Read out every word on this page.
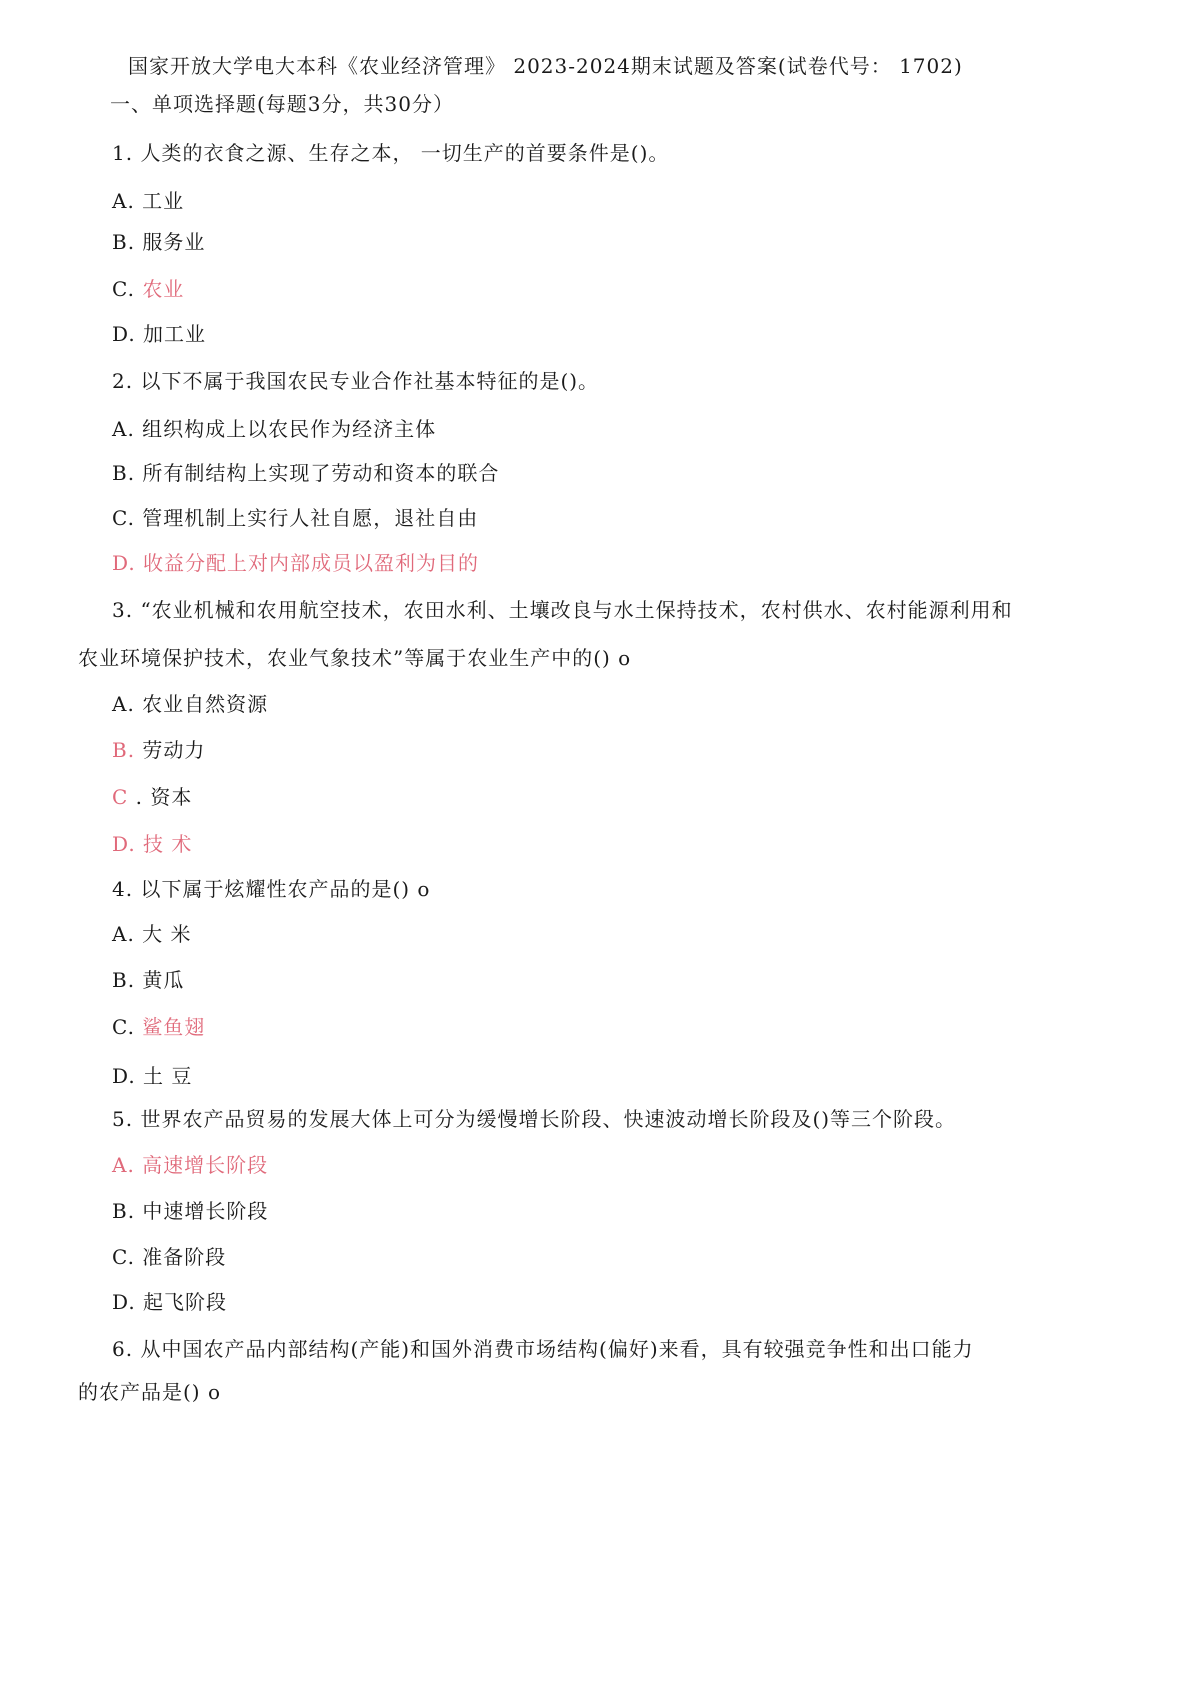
国家开放大学电大本科《农业经济管理》 2023-2024期末试题及答案(试卷代号： 1702)
一、单项选择题(每题3分，共30分）
1. 人类的衣食之源、生存之本， 一切生产的首要条件是()。
A. 工业
B. 服务业
C. 农业
D. 加工业
2. 以下不属于我国农民专业合作社基本特征的是()。
A. 组织构成上以农民作为经济主体
B. 所有制结构上实现了劳动和资本的联合
C. 管理机制上实行人社自愿，退社自由
D. 收益分配上对内部成员以盈利为目的
3. “农业机械和农用航空技术，农田水利、土壤改良与水土保持技术，农村供水、农村能源利用和
农业环境保护技术，农业气象技术”等属于农业生产中的() o
A. 农业自然资源
B. 劳动力
C . 资本
D. 技 术
4. 以下属于炫耀性农产品的是() o
A. 大 米
B. 黄瓜
C. 鲨鱼翅
D. 土 豆
5. 世界农产品贸易的发展大体上可分为缓慢增长阶段、快速波动增长阶段及()等三个阶段。
A. 高速增长阶段
B. 中速增长阶段
C. 准备阶段
D. 起飞阶段
6. 从中国农产品内部结构(产能)和国外消费市场结构(偏好)来看，具有较强竞争性和出口能力
的农产品是() o
